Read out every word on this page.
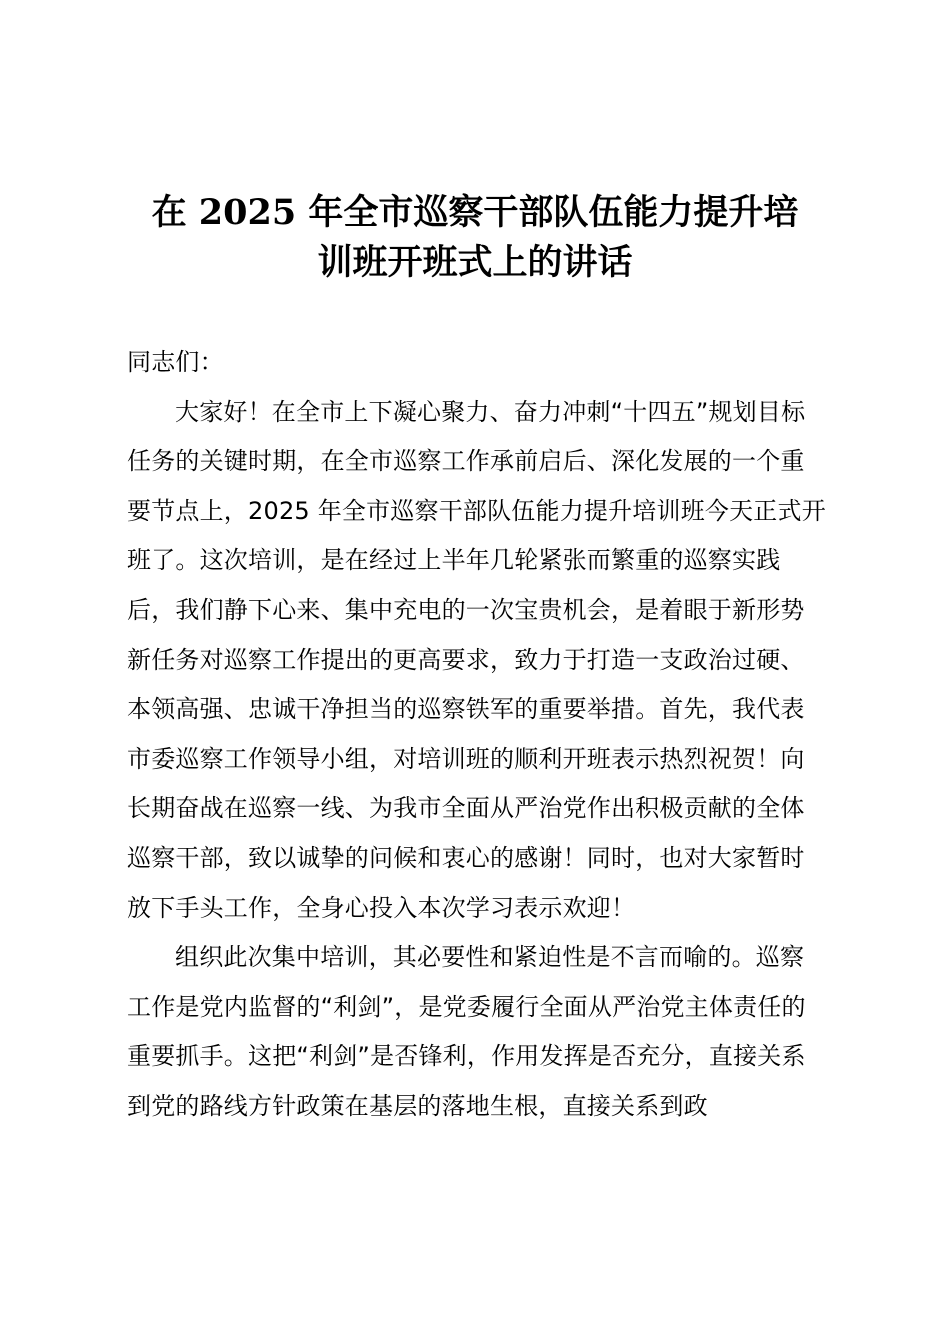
在 2025 年全市巡察干部队伍能力提升培
训班开班式上的讲话

同志们：

大家好！在全市上下凝心聚力、奋力冲刺“十四五”规划目标任务的关键时期，在全市巡察工作承前启后、深化发展的一个重要节点上，2025 年全市巡察干部队伍能力提升培训班今天正式开班了。这次培训，是在经过上半年几轮紧张而繁重的巡察实践后，我们静下心来、集中充电的一次宝贵机会，是着眼于新形势新任务对巡察工作提出的更高要求，致力于打造一支政治过硬、本领高强、忠诚干净担当的巡察铁军的重要举措。首先，我代表市委巡察工作领导小组，对培训班的顺利开班表示热烈祝贺！向长期奋战在巡察一线、为我市全面从严治党作出积极贡献的全体巡察干部，致以诚挚的问候和衷心的感谢！同时，也对大家暂时放下手头工作，全身心投入本次学习表示欢迎！

组织此次集中培训，其必要性和紧迫性是不言而喻的。巡察工作是党内监督的“利剑”，是党委履行全面从严治党主体责任的重要抓手。这把“利剑”是否锋利，作用发挥是否充分，直接关系到党的路线方针政策在基层的落地生根，直接关系到政
